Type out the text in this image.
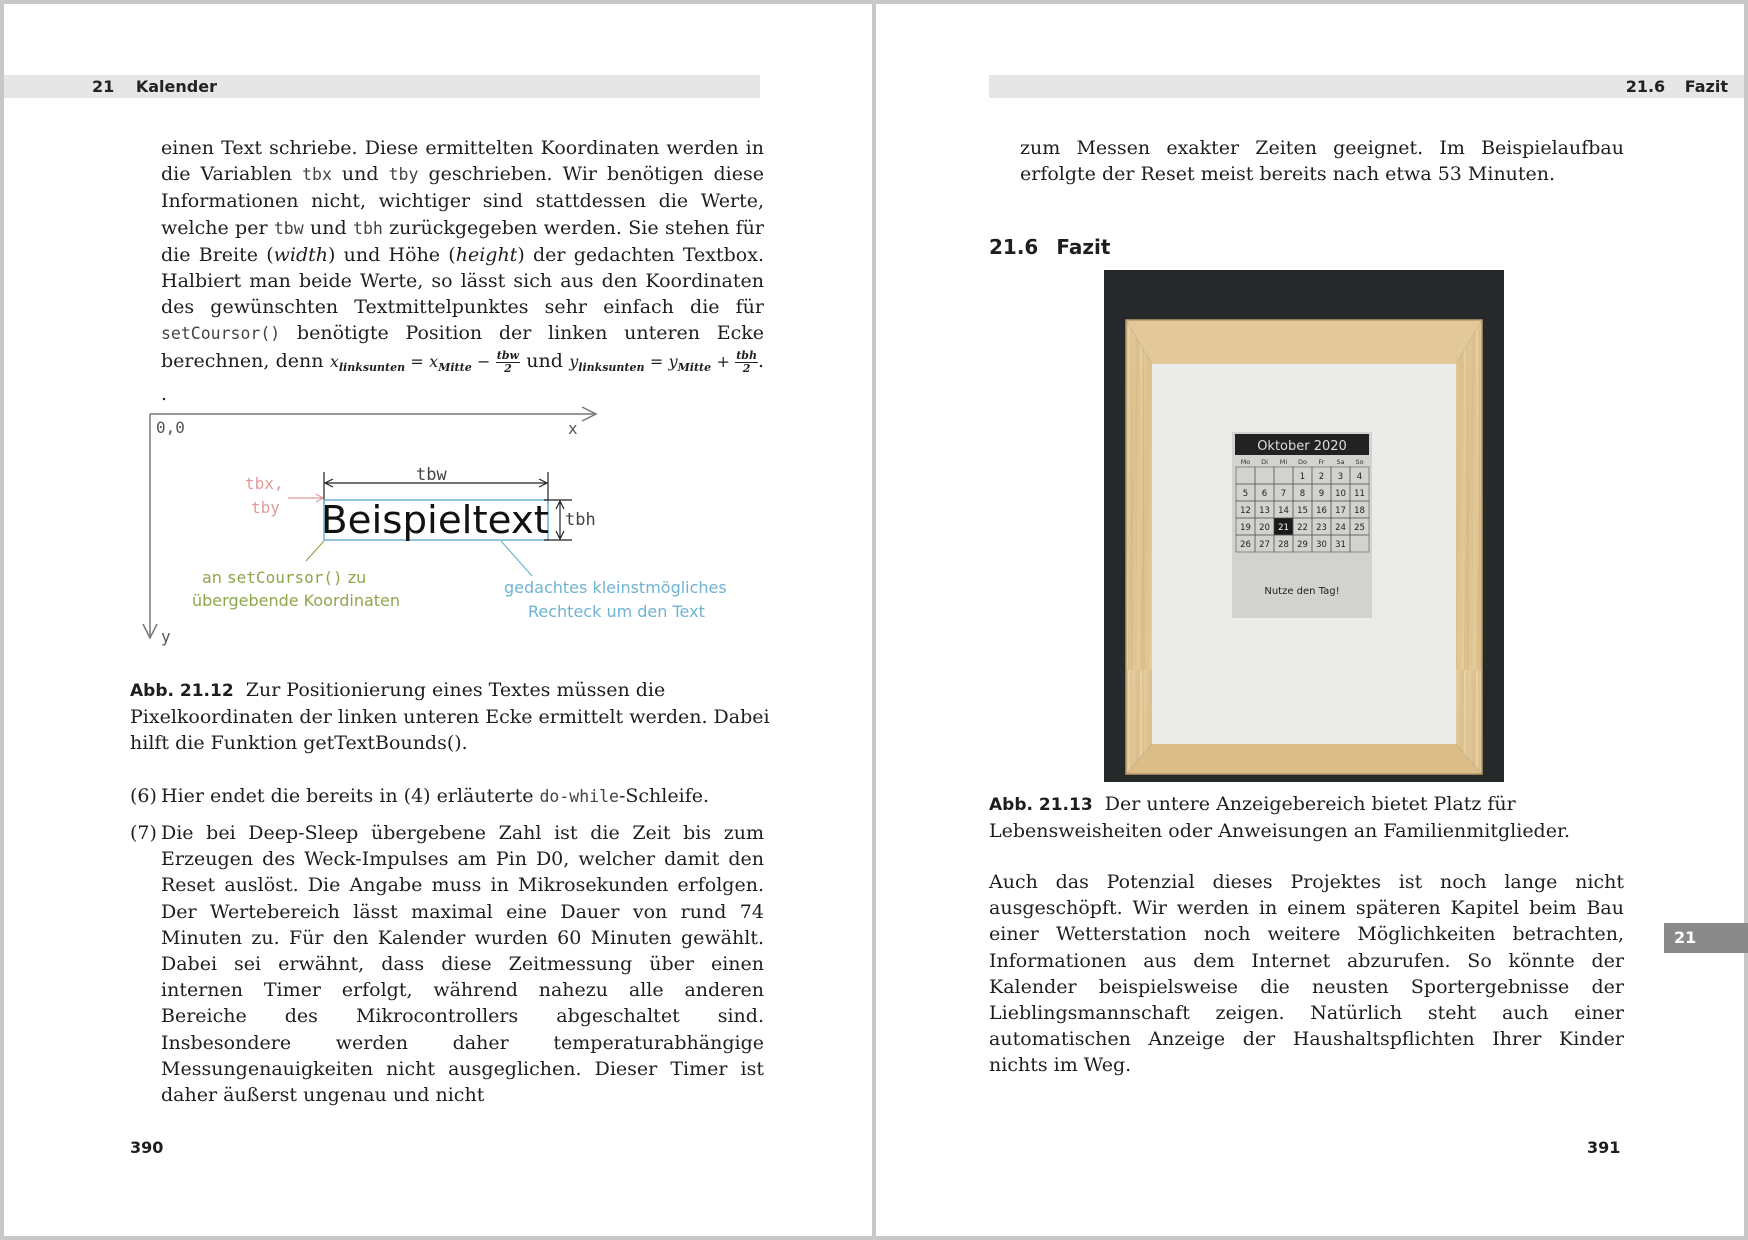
21 Kalender
einen Text schriebe. Diese ermittelten Koordinaten werden in die Variablen tbx und tby geschrieben. Wir benötigen diese Informationen nicht, wichtiger sind stattdessen die Werte, welche per tbw und tbh zurückgegeben werden. Sie stehen für die Breite (width) und Höhe (height) der gedachten Textbox. Halbiert man beide Werte, so lässt sich aus den Koordinaten des gewünschten Textmittelpunktes sehr einfach die für setCoursor() benötigte Position der linken unteren Ecke berechnen, denn $x_{linksunten} = x_{Mitte} - \frac{\text{tbw}}{2}$ und $y_{linksunten} = y_{Mitte} + \frac{\text{tbh}}{2}$ . .
0,0	x
y
tbx,
tby
tbw
Beispieltext tbh
an setCoursor() zu
übergebende Koordinaten
gedachtes kleinstmögliches
Rechteck um den Text
Abb. 21.12 Zur Positionierung eines Textes müssen die Pixelkoordinaten der linken unteren Ecke ermittelt werden. Dabei hilft die Funktion getTextBounds().
(6) Hier endet die bereits in (4) erläuterte do-while-Schleife.
(7) Die bei Deep-Sleep übergebene Zahl ist die Zeit bis zum Erzeugen des Weck-Impulses am Pin D0, welcher damit den Reset auslöst. Die Angabe muss in Mikrosekunden erfolgen. Der Wertebereich lässt maximal eine Dauer von rund 74 Minuten zu. Für den Kalender wurden 60 Minuten gewählt. Dabei sei erwähnt, dass diese Zeitmessung über einen internen Timer erfolgt, während nahezu alle anderen Bereiche des Mikrocontrollers abgeschaltet sind. Insbesondere werden daher temperaturabhängige Messungenauigkeiten nicht ausgeglichen. Dieser Timer ist daher äußerst ungenau und nicht
390
21.6 Fazit
zum Messen exakter Zeiten geeignet. Im Beispielaufbau erfolgte der Reset meist bereits nach etwa 53 Minuten.
21.6 Fazit
Abb. 21.13 Der untere Anzeigebereich bietet Platz für Lebensweisheiten oder Anweisungen an Familienmitglieder.
Auch das Potenzial dieses Projektes ist noch lange nicht ausgeschöpft. Wir werden in einem späteren Kapitel beim Bau einer Wetterstation noch weitere Möglichkeiten betrachten, Informationen aus dem Internet abzurufen. So könnte der Kalender beispielsweise die neusten Sportergebnisse der Lieblingsmannschaft zeigen. Natürlich steht auch einer automatischen Anzeige der Haushaltspflichten Ihrer Kinder nichts im Weg.
391
Oktober 2020
Mo Di Mi Do Fr Sa So
1 2 3 4
5 6 7 8 9 10 11
12 13 14 15 16 17 18
19 20 21 22 23 24 25
26 27 28 29 30 31
Nutze den Tag!
21
